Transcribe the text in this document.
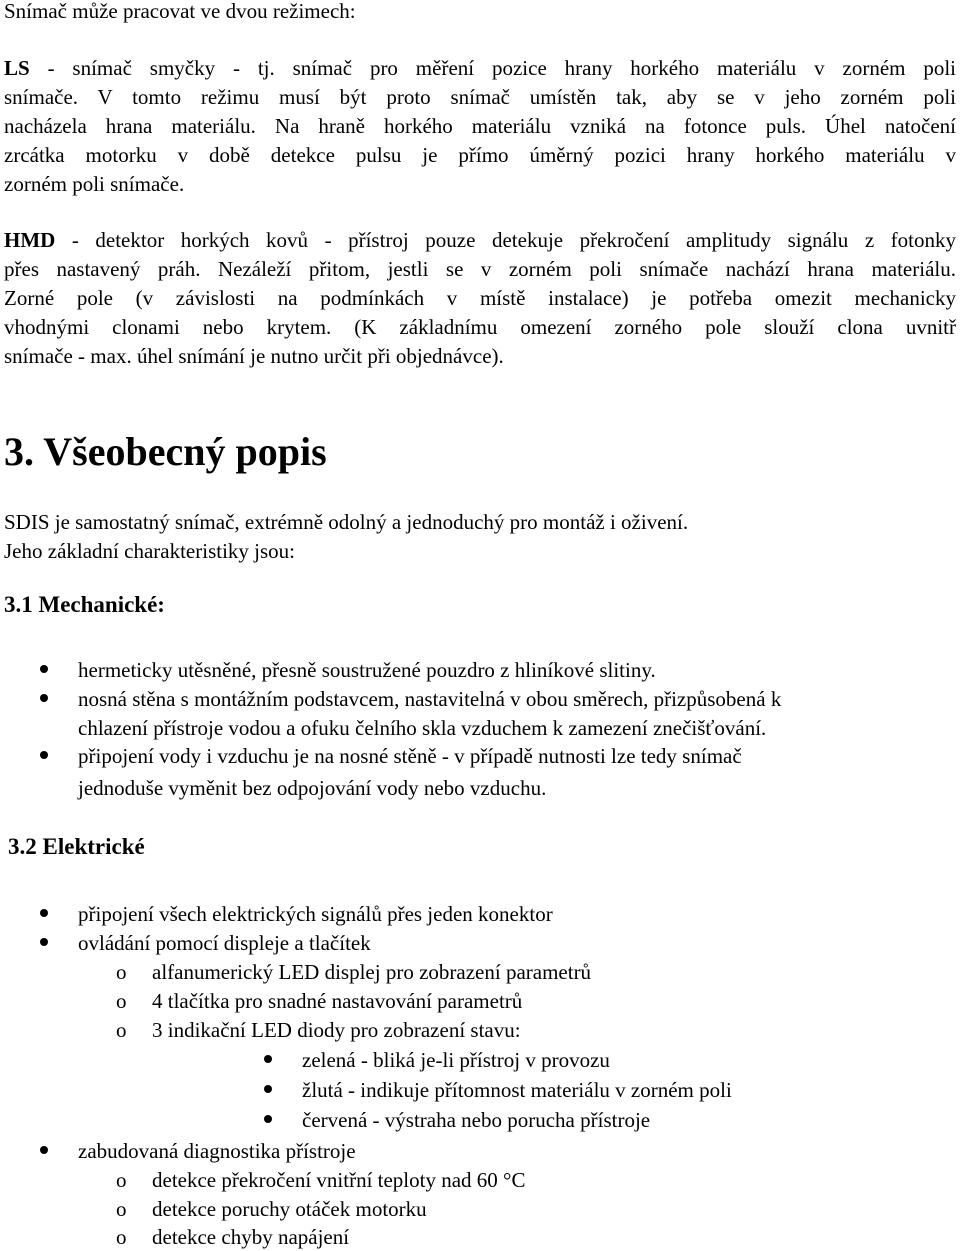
Snímač může pracovat ve dvou režimech:

LS - snímač smyčky - tj. snímač pro měření pozice hrany horkého materiálu v zorném poli

snímače. V tomto režimu musí být proto snímač umístěn tak, aby se v jeho zorném poli

nacházela hrana materiálu. Na hraně horkého materiálu vzniká na fotonce puls. Úhel natočení

zrcátka motorku v době detekce pulsu je přímo úměrný pozici hrany horkého materiálu v

zorném poli snímače.

HMD - detektor horkých kovů - přístroj pouze detekuje překročení amplitudy signálu z fotonky

přes nastavený práh. Nezáleží přitom, jestli se v zorném poli snímače nachází hrana materiálu.

Zorné pole (v závislosti na podmínkách v místě instalace) je potřeba omezit mechanicky

vhodnými clonami nebo krytem. (K základnímu omezení zorného pole slouží clona uvnitř

snímače - max. úhel snímání je nutno určit při objednávce).

3. Všeobecný popis

SDIS je samostatný snímač, extrémně odolný a jednoduchý pro montáž i oživení.

Jeho základní charakteristiky jsou:

3.1 Mechanické:

hermeticky utěsněné, přesně soustružené pouzdro z hliníkové slitiny.

nosná stěna s montážním podstavcem, nastavitelná v obou směrech, přizpůsobená k

chlazení přístroje vodou a ofuku čelního skla vzduchem k zamezení znečišťování.

připojení vody i vzduchu je na nosné stěně - v případě nutnosti lze tedy snímač

jednoduše vyměnit bez odpojování vody nebo vzduchu.

3.2 Elektrické

připojení všech elektrických signálů přes jeden konektor

ovládání pomocí displeje a tlačítek

o alfanumerický LED displej pro zobrazení parametrů

o 4 tlačítka pro snadné nastavování parametrů

o 3 indikační LED diody pro zobrazení stavu:

zelená - bliká je-li přístroj v provozu

žlutá - indikuje přítomnost materiálu v zorném poli

červená - výstraha nebo porucha přístroje

zabudovaná diagnostika přístroje

o detekce překročení vnitřní teploty nad 60 °C

o detekce poruchy otáček motorku

o detekce chyby napájení
